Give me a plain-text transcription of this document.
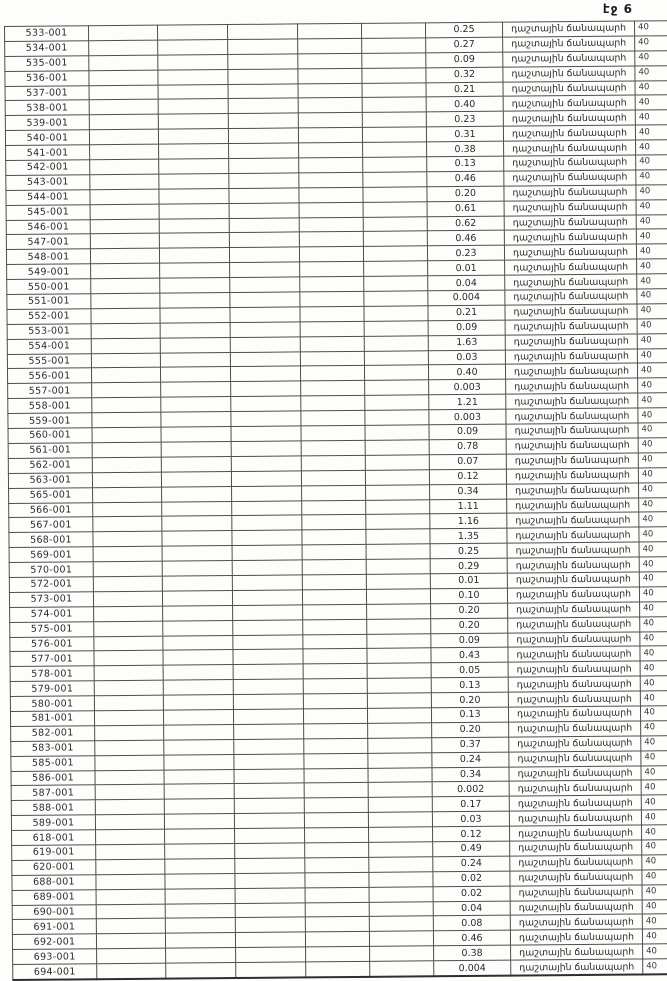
էջ 6
533-001						0.25	դաշտային ճանապարհ	40
534-001						0.27	դաշտային ճանապարհ	40
535-001						0.09	դաշտային ճանապարհ	40
536-001						0.32	դաշտային ճանապարհ	40
537-001						0.21	դաշտային ճանապարհ	40
538-001						0.40	դաշտային ճանապարհ	40
539-001						0.23	դաշտային ճանապարհ	40
540-001						0.31	դաշտային ճանապարհ	40
541-001						0.38	դաշտային ճանապարհ	40
542-001						0.13	դաշտային ճանապարհ	40
543-001						0.46	դաշտային ճանապարհ	40
544-001						0.20	դաշտային ճանապարհ	40
545-001						0.61	դաշտային ճանապարհ	40
546-001						0.62	դաշտային ճանապարհ	40
547-001						0.46	դաշտային ճանապարհ	40
548-001						0.23	դաշտային ճանապարհ	40
549-001						0.01	դաշտային ճանապարհ	40
550-001						0.04	դաշտային ճանապարհ	40
551-001						0.004	դաշտային ճանապարհ	40
552-001						0.21	դաշտային ճանապարհ	40
553-001						0.09	դաշտային ճանապարհ	40
554-001						1.63	դաշտային ճանապարհ	40
555-001						0.03	դաշտային ճանապարհ	40
556-001						0.40	դաշտային ճանապարհ	40
557-001						0.003	դաշտային ճանապարհ	40
558-001						1.21	դաշտային ճանապարհ	40
559-001						0.003	դաշտային ճանապարհ	40
560-001						0.09	դաշտային ճանապարհ	40
561-001						0.78	դաշտային ճանապարհ	40
562-001						0.07	դաշտային ճանապարհ	40
563-001						0.12	դաշտային ճանապարհ	40
565-001						0.34	դաշտային ճանապարհ	40
566-001						1.11	դաշտային ճանապարհ	40
567-001						1.16	դաշտային ճանապարհ	40
568-001						1.35	դաշտային ճանապարհ	40
569-001						0.25	դաշտային ճանապարհ	40
570-001						0.29	դաշտային ճանապարհ	40
572-001						0.01	դաշտային ճանապարհ	40
573-001						0.10	դաշտային ճանապարհ	40
574-001						0.20	դաշտային ճանապարհ	40
575-001						0.20	դաշտային ճանապարհ	40
576-001						0.09	դաշտային ճանապարհ	40
577-001						0.43	դաշտային ճանապարհ	40
578-001						0.05	դաշտային ճանապարհ	40
579-001						0.13	դաշտային ճանապարհ	40
580-001						0.20	դաշտային ճանապարհ	40
581-001						0.13	դաշտային ճանապարհ	40
582-001						0.20	դաշտային ճանապարհ	40
583-001						0.37	դաշտային ճանապարհ	40
585-001						0.24	դաշտային ճանապարհ	40
586-001						0.34	դաշտային ճանապարհ	40
587-001						0.002	դաշտային ճանապարհ	40
588-001						0.17	դաշտային ճանապարհ	40
589-001						0.03	դաշտային ճանապարհ	40
618-001						0.12	դաշտային ճանապարհ	40
619-001						0.49	դաշտային ճանապարհ	40
620-001						0.24	դաշտային ճանապարհ	40
688-001						0.02	դաշտային ճանապարհ	40
689-001						0.02	դաշտային ճանապարհ	40
690-001						0.04	դաշտային ճանապարհ	40
691-001						0.08	դաշտային ճանապարհ	40
692-001						0.46	դաշտային ճանապարհ	40
693-001						0.38	դաշտային ճանապարհ	40
694-001						0.004	դաշտային ճանապարհ	40
